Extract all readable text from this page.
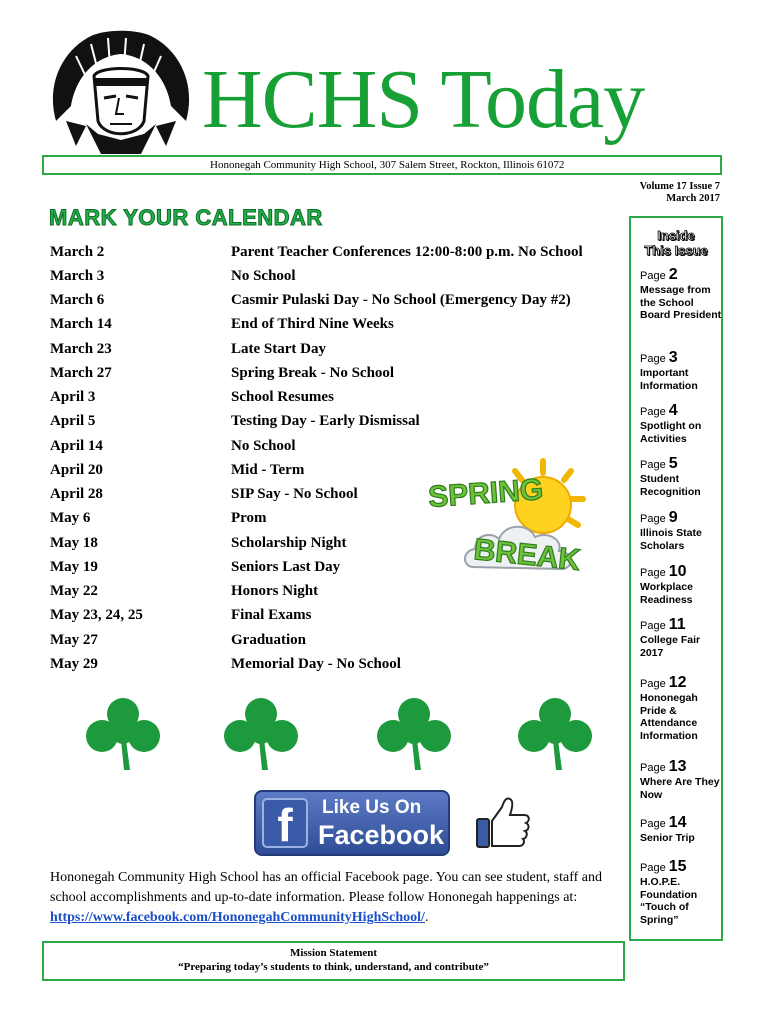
HCHS Today
Hononegah Community High School, 307 Salem Street, Rockton, Illinois 61072
Volume 17 Issue 7
March 2017
MARK YOUR CALENDAR
March 2	Parent Teacher Conferences 12:00-8:00 p.m. No School
March 3	No School
March 6	Casmir Pulaski Day - No School (Emergency Day #2)
March 14	End of Third Nine Weeks
March 23	Late Start Day
March 27	Spring Break - No School
April 3	School Resumes
April 5	Testing Day - Early Dismissal
April 14	No School
April 20	Mid - Term
April 28	SIP Say - No School
May 6	Prom
May 18	Scholarship Night
May 19	Seniors Last Day
May 22	Honors Night
May 23, 24, 25	Final Exams
May 27	Graduation
May 29	Memorial Day - No School
SPRING
BREAK
f	Like Us On
Facebook
Hononegah Community High School has an official Facebook page. You can see student, staff and school accomplishments and up-to-date information. Please follow Hononegah happenings at: https://www.facebook.com/HononegahCommunityHighSchool/.
Mission Statement
“Preparing today’s students to think, understand, and contribute”
Inside
This Issue
Page 2
Message from the School Board President
Page 3
Important Information
Page 4
Spotlight on Activities
Page 5
Student Recognition
Page 9
Illinois State Scholars
Page 10
Workplace Readiness
Page 11
College Fair 2017
Page 12
Hononegah Pride & Attendance Information
Page 13
Where Are They Now
Page 14
Senior Trip
Page 15
H.O.P.E. Foundation “Touch of Spring”
